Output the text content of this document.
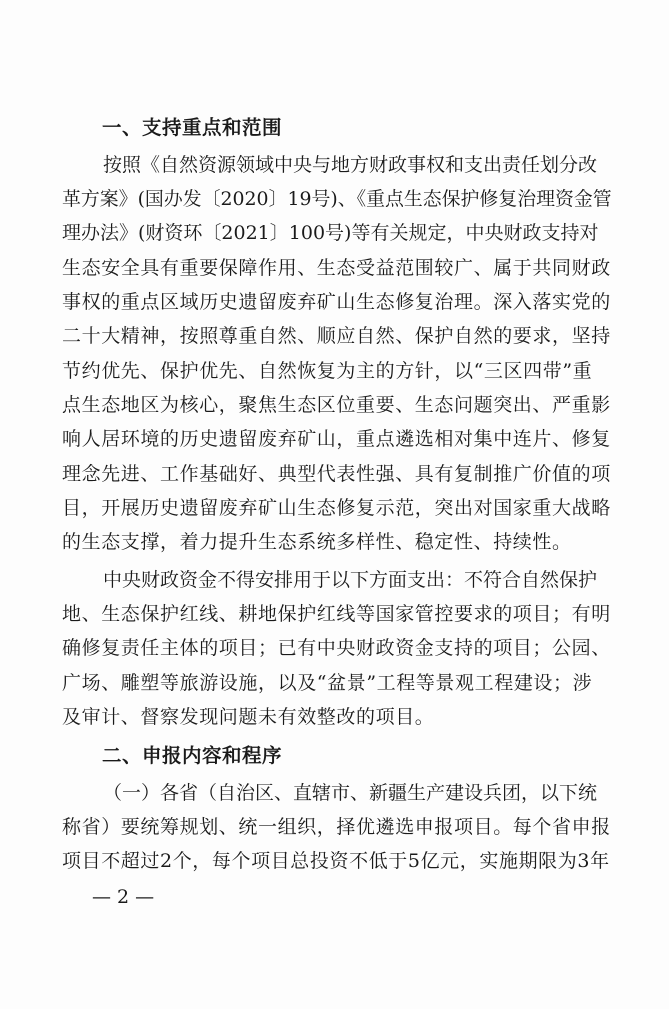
一、支持重点和范围
按照《自然资源领域中央与地方财政事权和支出责任划分改
革方案》(国办发〔2020〕19号)、《重点生态保护修复治理资金管
理办法》(财资环〔2021〕100号)等有关规定，中央财政支持对
生态安全具有重要保障作用、生态受益范围较广、属于共同财政
事权的重点区域历史遗留废弃矿山生态修复治理。深入落实党的
二十大精神，按照尊重自然、顺应自然、保护自然的要求，坚持
节约优先、保护优先、自然恢复为主的方针，以“三区四带”重
点生态地区为核心，聚焦生态区位重要、生态问题突出、严重影
响人居环境的历史遗留废弃矿山，重点遴选相对集中连片、修复
理念先进、工作基础好、典型代表性强、具有复制推广价值的项
目，开展历史遗留废弃矿山生态修复示范，突出对国家重大战略
的生态支撑，着力提升生态系统多样性、稳定性、持续性。
中央财政资金不得安排用于以下方面支出：不符合自然保护
地、生态保护红线、耕地保护红线等国家管控要求的项目；有明
确修复责任主体的项目；已有中央财政资金支持的项目；公园、
广场、雕塑等旅游设施，以及“盆景”工程等景观工程建设；涉
及审计、督察发现问题未有效整改的项目。
二、申报内容和程序
（一）各省（自治区、直辖市、新疆生产建设兵团，以下统
称省）要统筹规划、统一组织，择优遴选申报项目。每个省申报
项目不超过2个，每个项目总投资不低于5亿元，实施期限为3年
— 2 —
